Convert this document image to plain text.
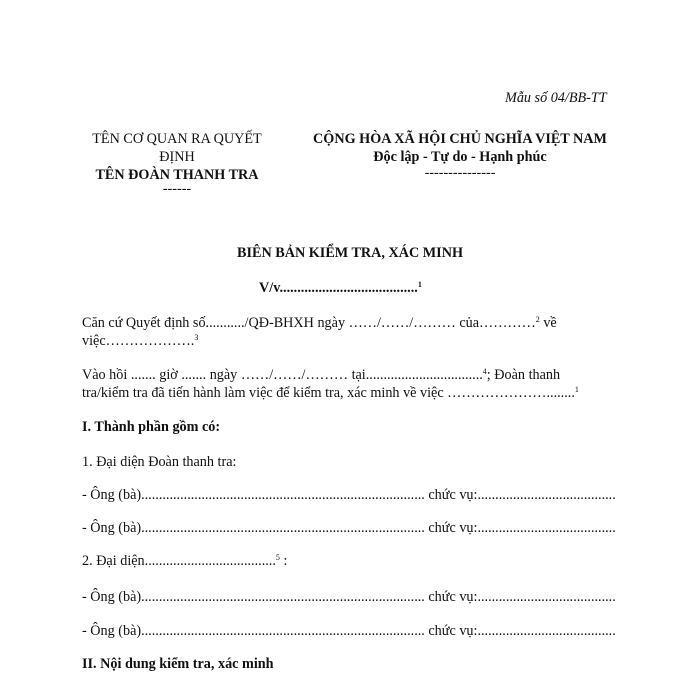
Mẫu số 04/BB-TT
TÊN CƠ QUAN RA QUYẾT
ĐỊNH
TÊN ĐOÀN THANH TRA
------
CỘNG HÒA XÃ HỘI CHỦ NGHĨA VIỆT NAM
Độc lập - Tự do - Hạnh phúc
---------------
BIÊN BẢN KIỂM TRA, XÁC MINH
V/v.......................................$^1$
Căn cứ Quyết định số.........../QĐ-BHXH ngày ……/……/……… của…………$^2$ về
việc……………….$^3$
Vào hồi ....... giờ ....... ngày ……/……/……… tại.................................$^4$; Đoàn thanh
tra/kiểm tra đã tiến hành làm việc để kiểm tra, xác minh về việc …………………........$^1$
I. Thành phần gồm có:
1. Đại diện Đoàn thanh tra:
- Ông (bà)................................................................................ chức vụ:.......................................
- Ông (bà)................................................................................ chức vụ:.......................................
2. Đại diện.....................................$^5$ :
- Ông (bà)................................................................................ chức vụ:.......................................
- Ông (bà)................................................................................ chức vụ:.......................................
II. Nội dung kiểm tra, xác minh
